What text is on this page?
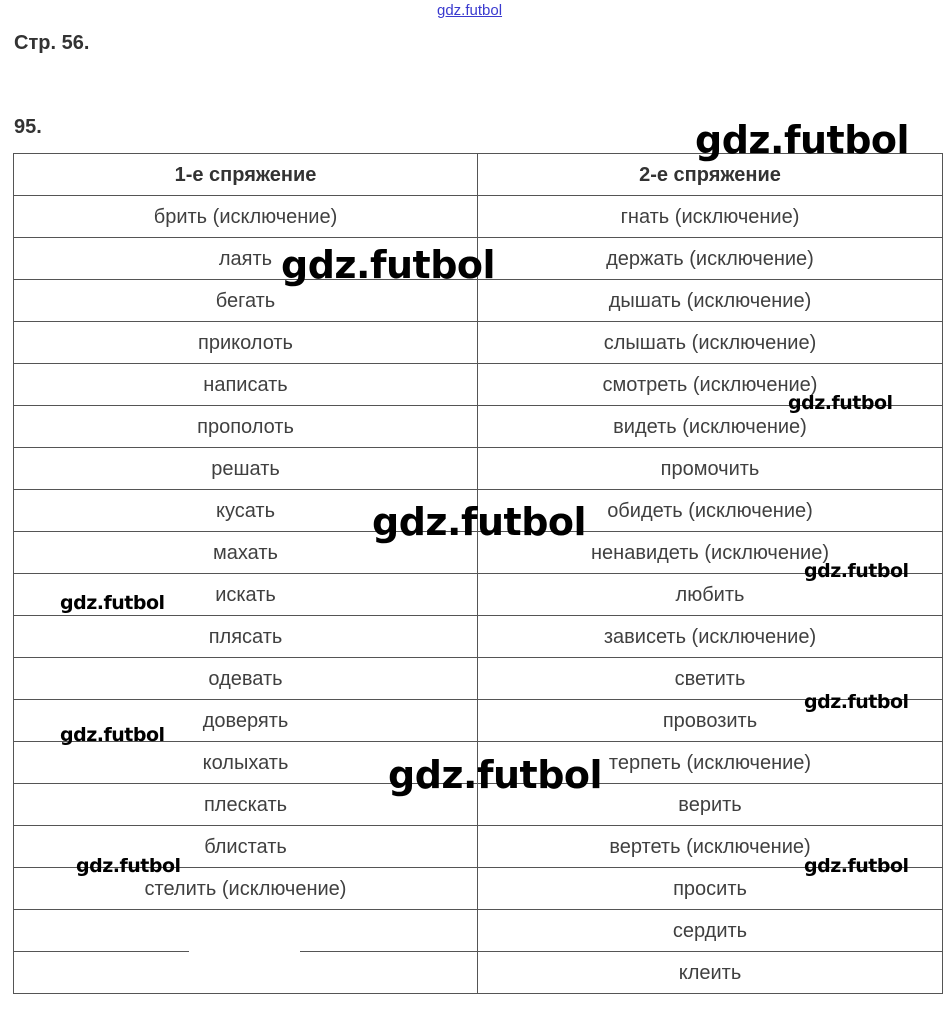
gdz.futbol
Стр. 56.
95.
1-е спряжение	2-е спряжение
брить (исключение)	гнать (исключение)
лаять	держать (исключение)
бегать	дышать (исключение)
приколоть	слышать (исключение)
написать	смотреть (исключение)
прополоть	видеть (исключение)
решать	промочить
кусать	обидеть (исключение)
махать	ненавидеть (исключение)
искать	любить
плясать	зависеть (исключение)
одевать	светить
доверять	провозить
колыхать	терпеть (исключение)
плескать	верить
блистать	вертеть (исключение)
стелить (исключение)	просить
	сердить
	клеить
gdz.futbol
gdz.futbol
gdz.futbol
gdz.futbol
gdz.futbol
gdz.futbol
gdz.futbol
gdz.futbol
gdz.futbol
gdz.futbol	gdz.futbol
